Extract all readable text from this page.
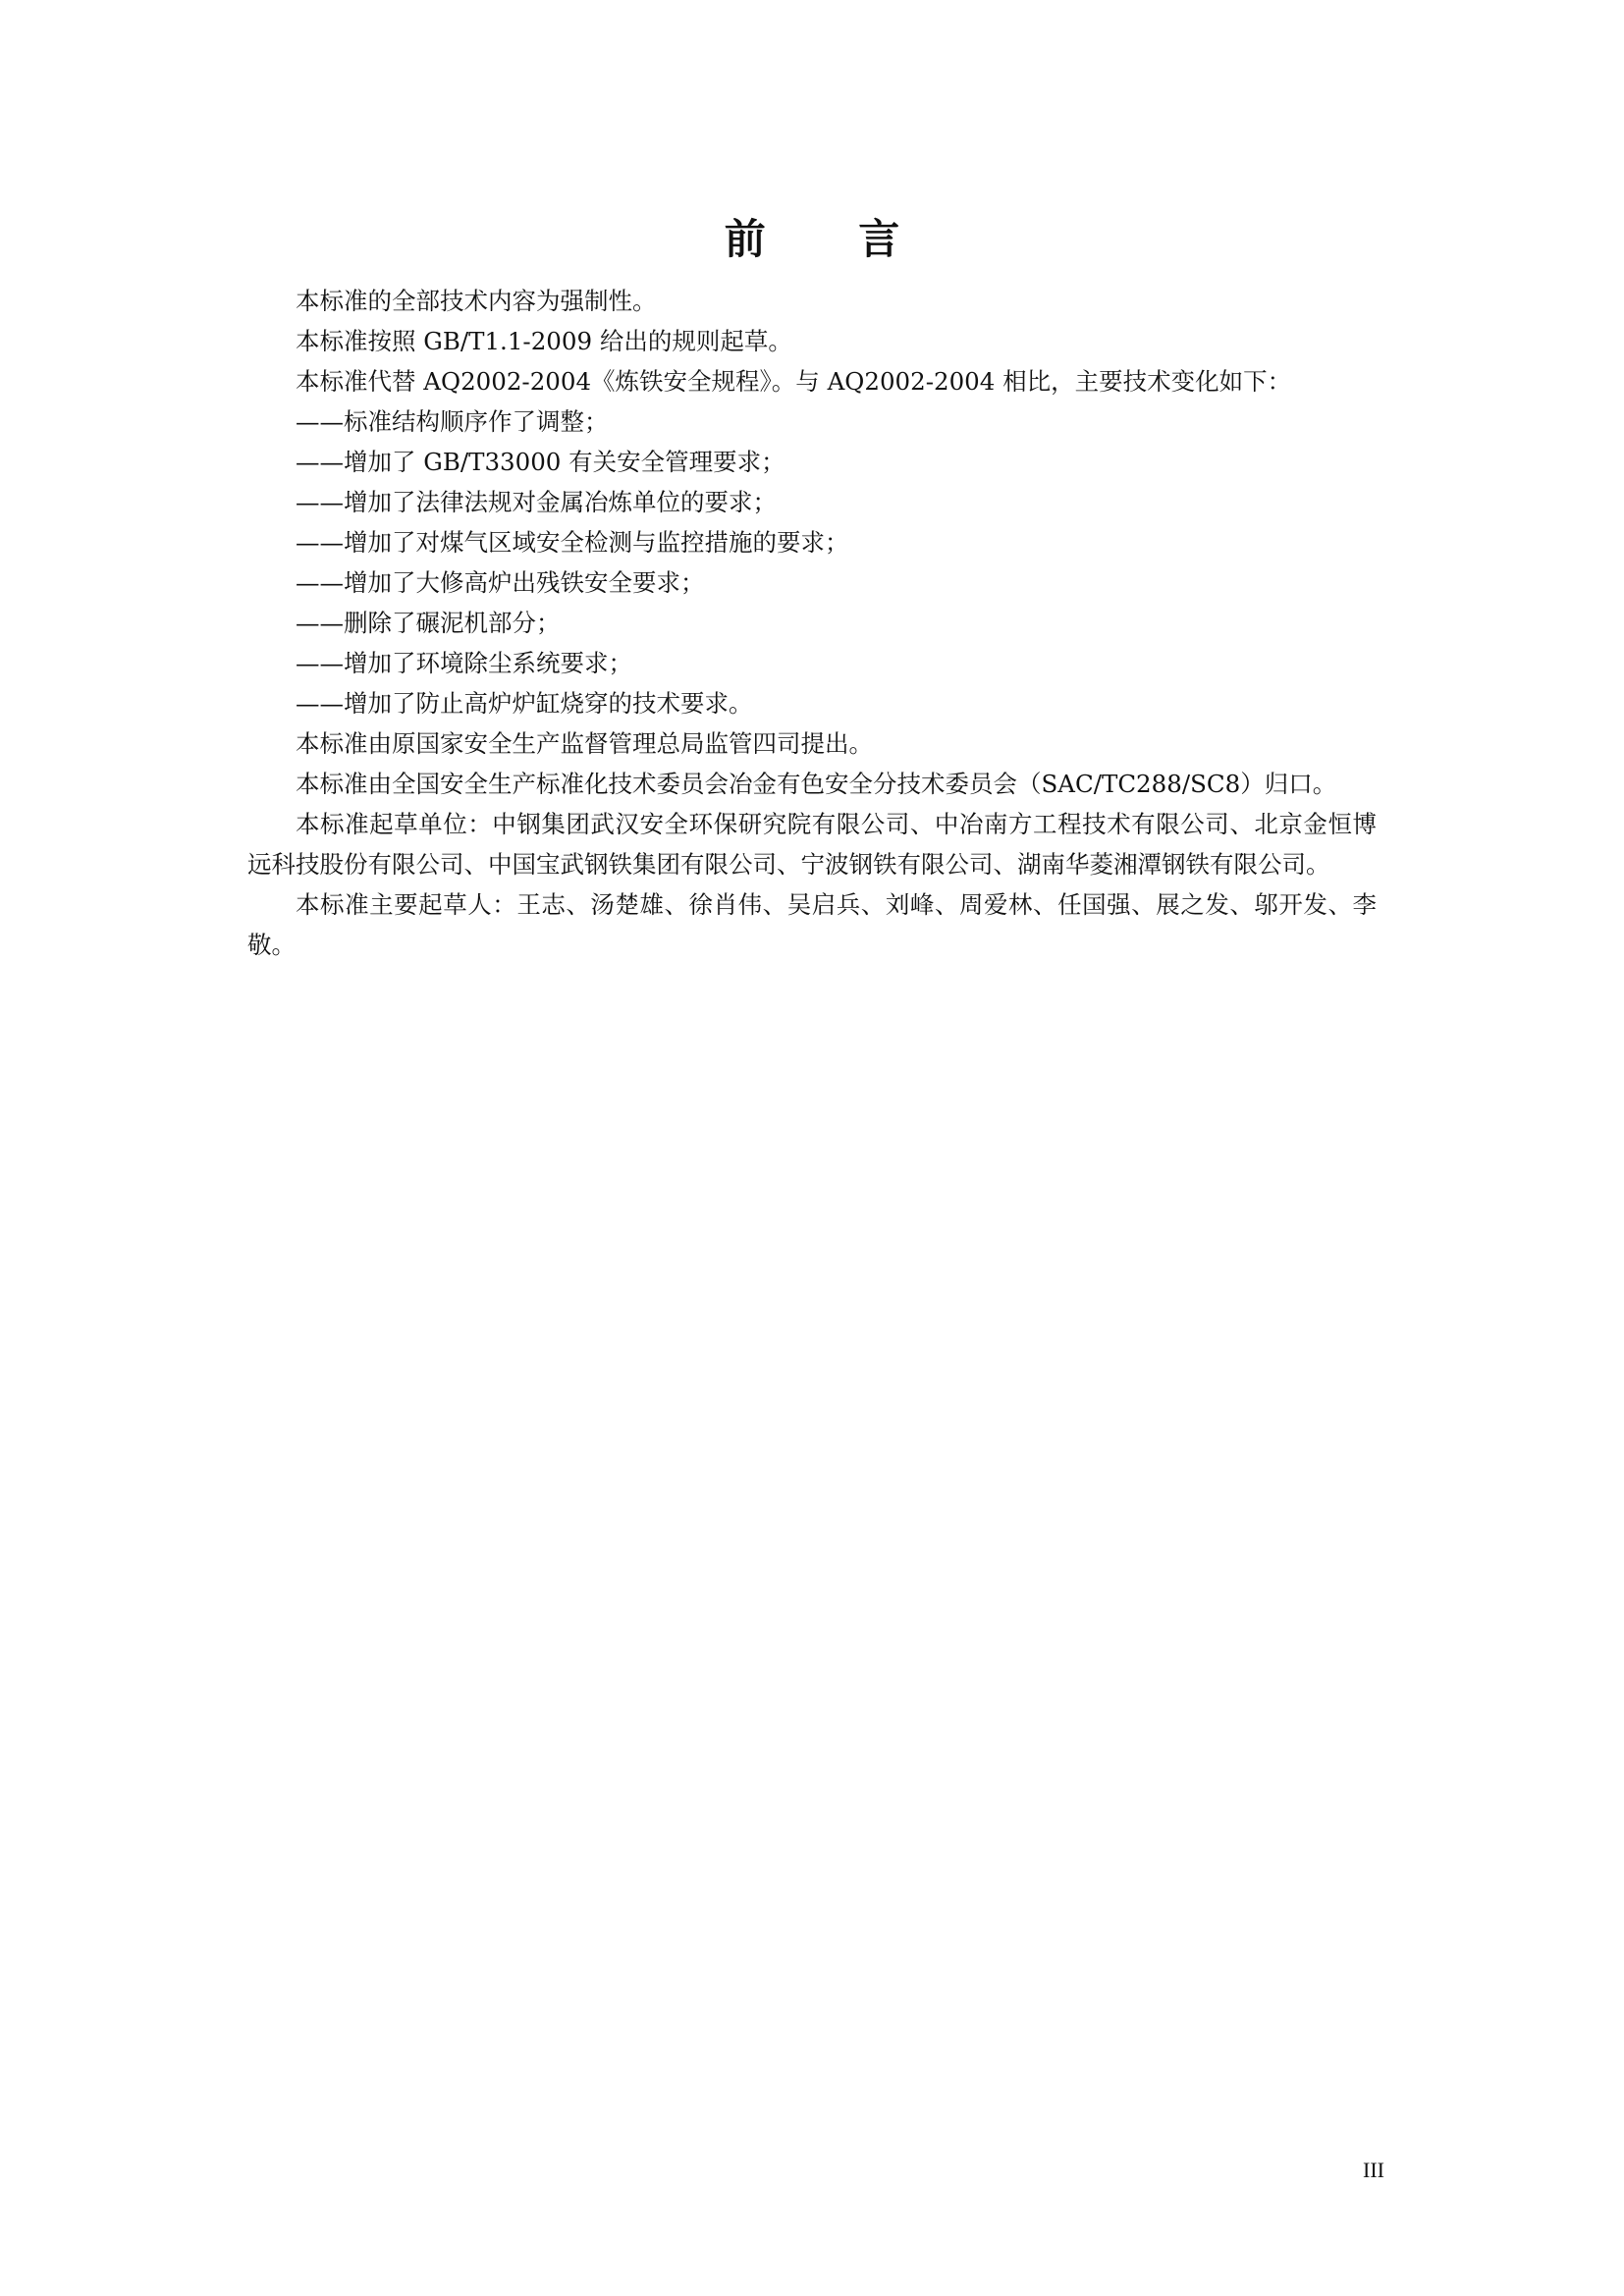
前 言

本标准的全部技术内容为强制性。

本标准按照 GB/T1.1-2009 给出的规则起草。

本标准代替 AQ2002-2004《炼铁安全规程》。与 AQ2002-2004 相比，主要技术变化如下：

——标准结构顺序作了调整；

——增加了 GB/T33000 有关安全管理要求；

——增加了法律法规对金属冶炼单位的要求；

——增加了对煤气区域安全检测与监控措施的要求；

——增加了大修高炉出残铁安全要求；

——删除了碾泥机部分；

——增加了环境除尘系统要求；

——增加了防止高炉炉缸烧穿的技术要求。

本标准由原国家安全生产监督管理总局监管四司提出。

本标准由全国安全生产标准化技术委员会冶金有色安全分技术委员会（SAC/TC288/SC8）归口。

本标准起草单位：中钢集团武汉安全环保研究院有限公司、中冶南方工程技术有限公司、北京金恒博远科技股份有限公司、中国宝武钢铁集团有限公司、宁波钢铁有限公司、湖南华菱湘潭钢铁有限公司。

本标准主要起草人：王志、汤楚雄、徐肖伟、吴启兵、刘峰、周爱林、任国强、展之发、邬开发、李敬。

III
